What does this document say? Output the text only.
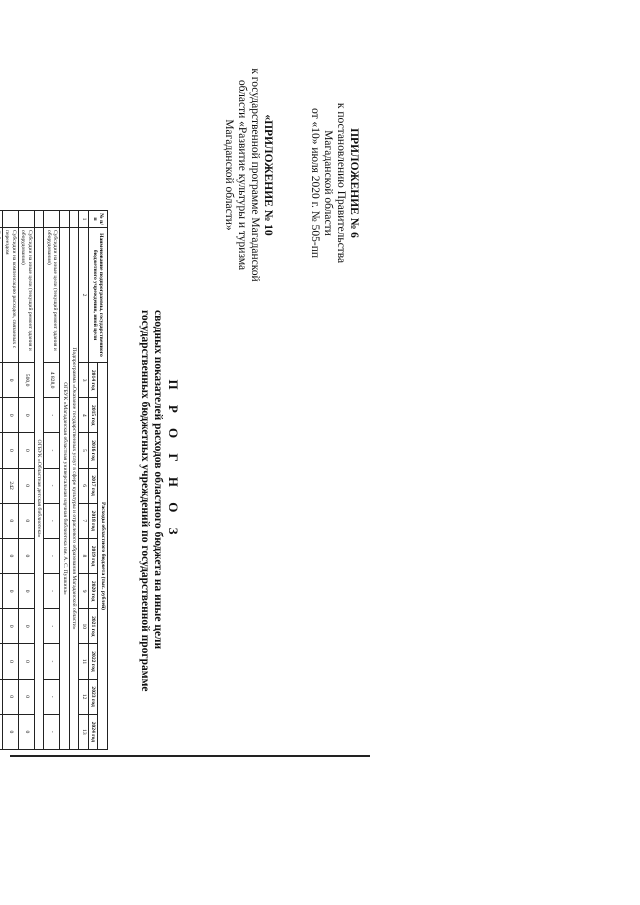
ПРИЛОЖЕНИЕ № 6
к постановлению Правительства
Магаданской области
от «10» июля 2020 г. № 505-пп
«ПРИЛОЖЕНИЕ № 10
к государственной программе Магаданской
области «Развитие культуры и туризма
Магаданской области»
П Р О Г Н О З
сводных показателей расходов областного бюджета на иные цели
государственных бюджетных учреждений по государственной программе
№ п/п	Наименование подпрограммы, государственного бюджетного учреждения, иной цели	Расходы областного бюджета (тыс. рублей)										
		2014 год	2015 год	2016 год	2017 год	2018 год	2019 год	2020 год	2021 год	2022 год	2023 год	2024 год
1	2	3	4	5	6	7	8	9	10	11	12	13
	Подпрограмма «Оказание государственных услуг в сфере культуры и отраслевого образования Магаданской области»											
	ОГБУК «Магаданская областная универсальная научная библиотека им. А. С. Пушкина»											
	Субсидии на иные цели (текущий ремонт здания и оборудования)	4 828,0	-	-	-	-	-	-	-	-	-	-
	ОГБУК «Областная детская библиотека»											
	Субсидии на иные цели (текущий ремонт здания и оборудования)	500,0	0	0	0	0	0	0	0	0	0	0
	Субсидии на компенсацию расходов, связанных с переездом	0	0	0	242	0	0	0	0	0	0	0
